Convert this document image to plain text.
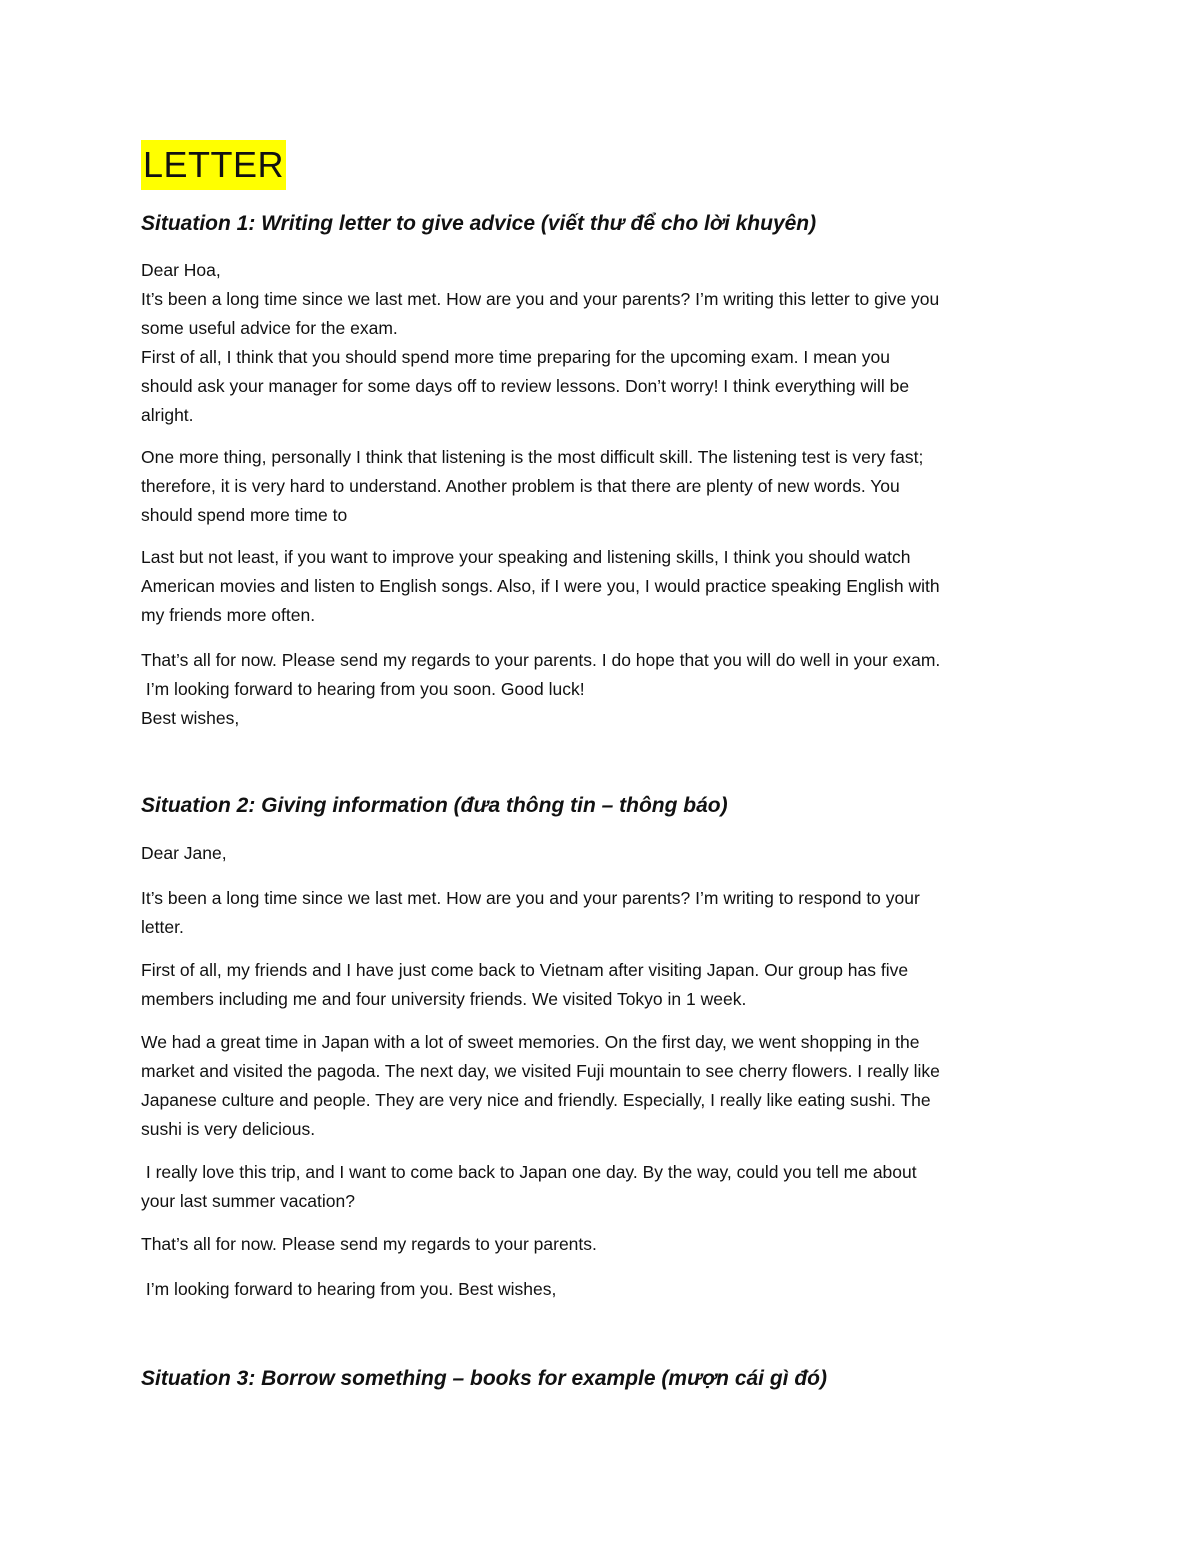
LETTER
Situation 1: Writing letter to give advice (viết thư để cho lời khuyên)
Dear Hoa,
It’s been a long time since we last met. How are you and your parents? I’m writing this letter to give you
some useful advice for the exam.
First of all, I think that you should spend more time preparing for the upcoming exam. I mean you
should ask your manager for some days off to review lessons. Don’t worry! I think everything will be
alright.
One more thing, personally I think that listening is the most difficult skill. The listening test is very fast;
therefore, it is very hard to understand. Another problem is that there are plenty of new words. You
should spend more time to
Last but not least, if you want to improve your speaking and listening skills, I think you should watch
American movies and listen to English songs. Also, if I were you, I would practice speaking English with
my friends more often.
That’s all for now. Please send my regards to your parents. I do hope that you will do well in your exam.
I’m looking forward to hearing from you soon. Good luck!
Best wishes,
Situation 2: Giving information (đưa thông tin – thông báo)
Dear Jane,
It’s been a long time since we last met. How are you and your parents? I’m writing to respond to your
letter.
First of all, my friends and I have just come back to Vietnam after visiting Japan. Our group has five
members including me and four university friends. We visited Tokyo in 1 week.
We had a great time in Japan with a lot of sweet memories. On the first day, we went shopping in the
market and visited the pagoda. The next day, we visited Fuji mountain to see cherry flowers. I really like
Japanese culture and people. They are very nice and friendly. Especially, I really like eating sushi. The
sushi is very delicious.
I really love this trip, and I want to come back to Japan one day. By the way, could you tell me about
your last summer vacation?
That’s all for now. Please send my regards to your parents.
I’m looking forward to hearing from you. Best wishes,
Situation 3: Borrow something – books for example (mượn cái gì đó)
